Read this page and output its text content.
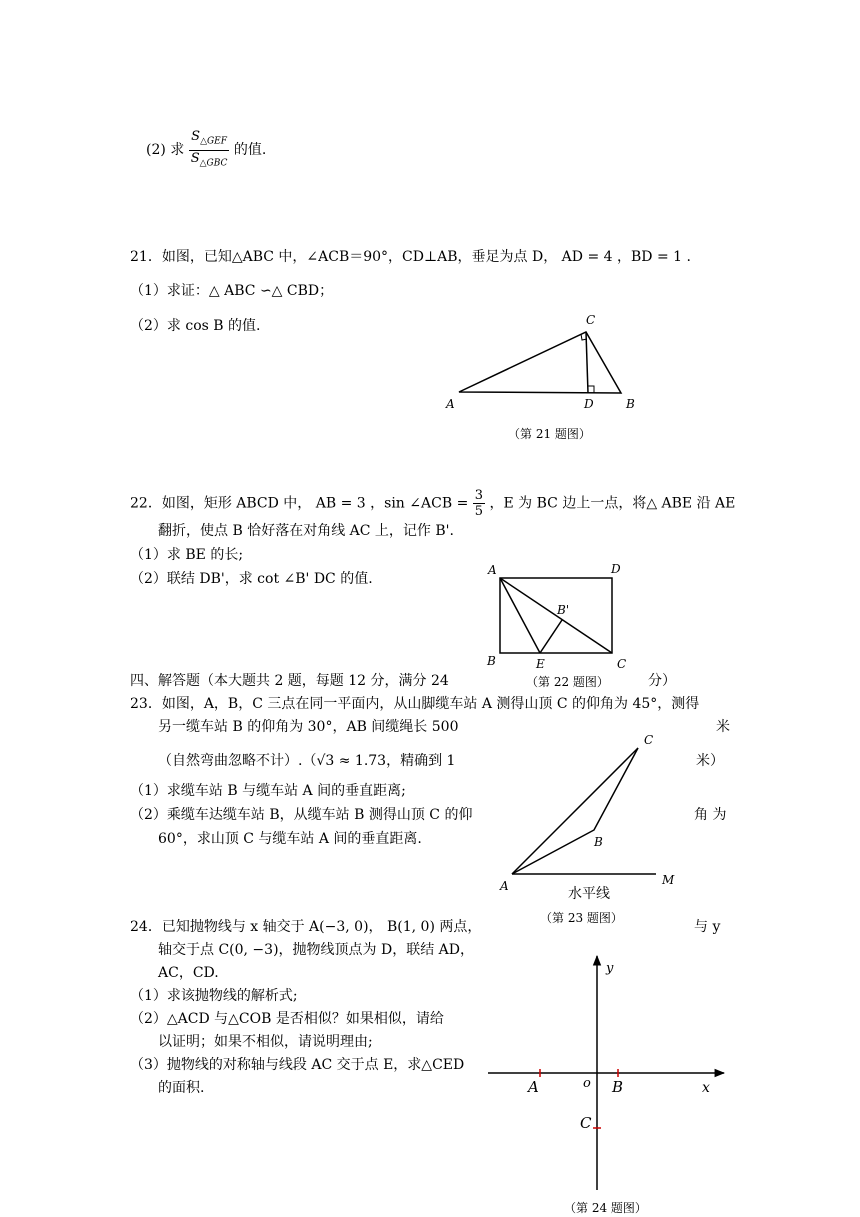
(2) 求 $\frac{S_{\triangle GEF}}{S_{\triangle GBC}}$ 的值.
21．如图，已知△ABC 中，∠ACB＝90°，CD⊥AB，垂足为点 D， AD = 4 ，BD = 1 .
（1）求证：△ ABC ∽△ CBD；
（2）求 cos B 的值.
A
C
D	B
（第 21 题图）
22．如图，矩形 ABCD 中， AB = 3 ，sin ∠ACB = $\frac{3}{5}$ ，E 为 BC 边上一点，将△ ABE 沿 AE
翻折，使点 B 恰好落在对角线 AC 上，记作 B'.
（1）求 BE 的长;
（2）联结 DB'，求 cot ∠B' DC 的值.
A	D
B'
B	E	C
四、解答题（本大题共 2 题，每题 12 分，满分 24	（第 22 题图）	分）
23．如图，A，B，C 三点在同一平面内，从山脚缆车站 A 测得山顶 C 的仰角为 45°，测得
另一缆车站 B 的仰角为 30°，AB 间缆绳长 500	米
（自然弯曲忽略不计）.（√3 ≈ 1.73，精确到 1	米）
（1）求缆车站 B 与缆车站 A 间的垂直距离;
（2）乘缆车达缆车站 B，从缆车站 B 测得山顶 C 的仰	角 为
60°，求山顶 C 与缆车站 A 间的垂直距离.
C
B
A	M
水平线
（第 23 题图）
24．已知抛物线与 x 轴交于 A(−3, 0)， B(1, 0) 两点，	与 y
轴交于点 C(0, −3)，抛物线顶点为 D，联结 AD，
AC，CD.
（1）求该抛物线的解析式;
（2）△ACD 与△COB 是否相似？如果相似，请给
以证明；如果不相似，请说明理由;
（3）抛物线的对称轴与线段 AC 交于点 E，求△CED
的面积.
y
x
o
A	B
C
（第 24 题图）
